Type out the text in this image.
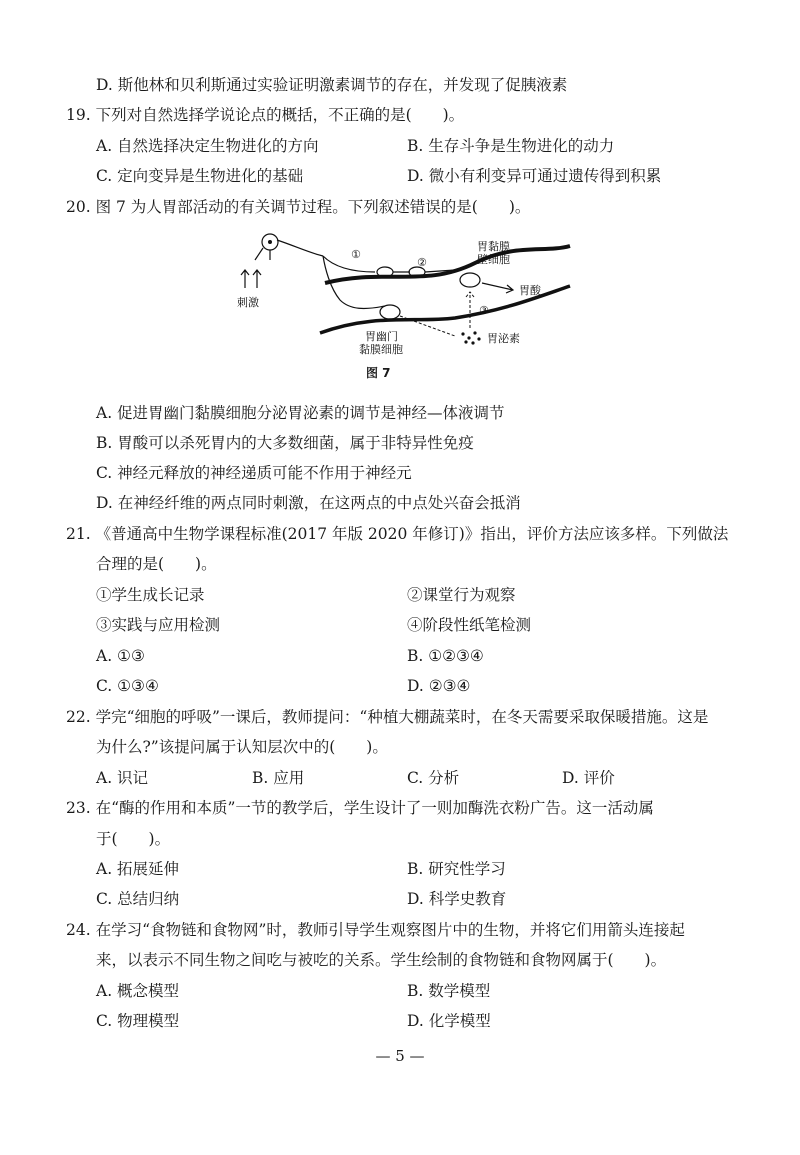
D. 斯他林和贝利斯通过实验证明激素调节的存在，并发现了促胰液素
19. 下列对自然选择学说论点的概括，不正确的是(　　)。
A. 自然选择决定生物进化的方向	B. 生存斗争是生物进化的动力
C. 定向变异是生物进化的基础	D. 微小有利变异可通过遗传得到积累
20. 图 7 为人胃部活动的有关调节过程。下列叙述错误的是(　　)。
刺激
①
②
胃黏膜
壁细胞
胃酸
③
胃泌素
胃幽门
黏膜细胞
图 7
A. 促进胃幽门黏膜细胞分泌胃泌素的调节是神经—体液调节
B. 胃酸可以杀死胃内的大多数细菌，属于非特异性免疫
C. 神经元释放的神经递质可能不作用于神经元
D. 在神经纤维的两点同时刺激，在这两点的中点处兴奋会抵消
21. 《普通高中生物学课程标准(2017 年版 2020 年修订)》指出，评价方法应该多样。下列做法
合理的是(　　)。
①学生成长记录	②课堂行为观察
③实践与应用检测	④阶段性纸笔检测
A. ①③	B. ①②③④
C. ①③④	D. ②③④
22. 学完“细胞的呼吸”一课后，教师提问：“种植大棚蔬菜时，在冬天需要采取保暖措施。这是
为什么?”该提问属于认知层次中的(　　)。
A. 识记	B. 应用	C. 分析	D. 评价
23. 在“酶的作用和本质”一节的教学后，学生设计了一则加酶洗衣粉广告。这一活动属
于(　　)。
A. 拓展延伸	B. 研究性学习
C. 总结归纳	D. 科学史教育
24. 在学习“食物链和食物网”时，教师引导学生观察图片中的生物，并将它们用箭头连接起
来，以表示不同生物之间吃与被吃的关系。学生绘制的食物链和食物网属于(　　)。
A. 概念模型	B. 数学模型
C. 物理模型	D. 化学模型
— 5 —
